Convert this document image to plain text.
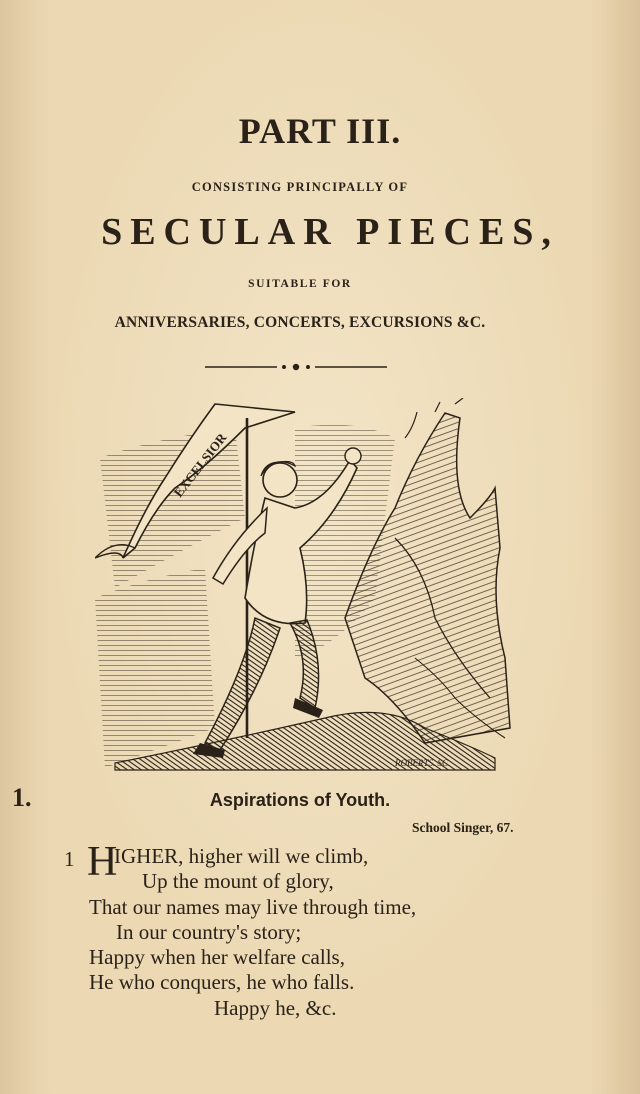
PART III.
CONSISTING PRINCIPALLY OF
SECULAR PIECES,
SUITABLE FOR
ANNIVERSARIES, CONCERTS, EXCURSIONS &C.
EXCELSIOR
ROBERTS. SC.
1.	Aspirations of Youth.
School Singer, 67.
1 H
IGHER, higher will we climb,
Up the mount of glory,
That our names may live through time,
In our country's story;
Happy when her welfare calls,
He who conquers, he who falls.
Happy he, &c.
